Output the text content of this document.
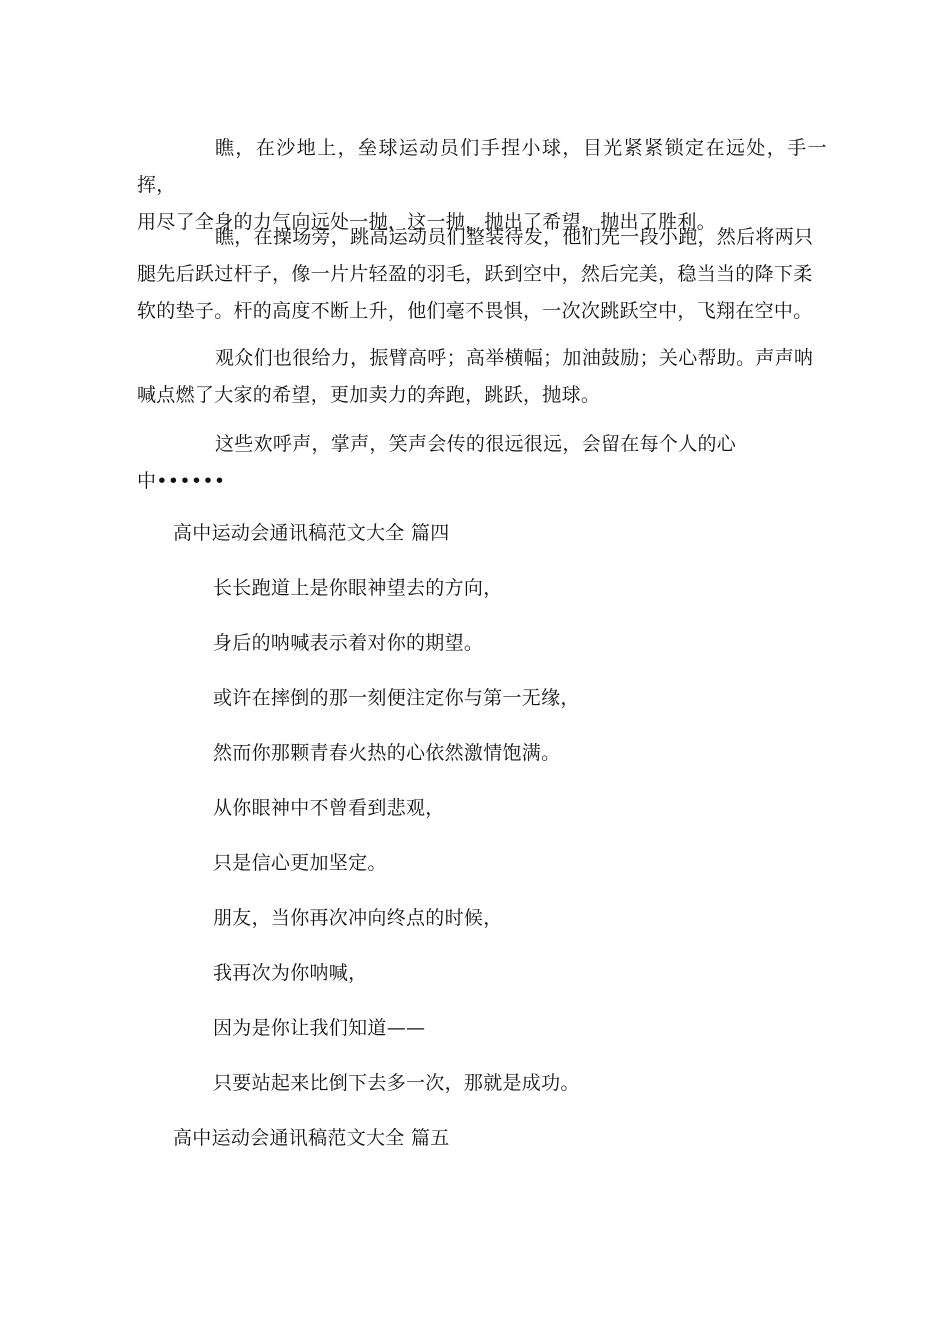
瞧，在沙地上，垒球运动员们手捏小球，目光紧紧锁定在远处，手一挥，
用尽了全身的力气向远处一抛，这一抛，抛出了希望，抛出了胜利。

瞧，在操场旁，跳高运动员们整装待发，他们先一段小跑，然后将两只
腿先后跃过杆子，像一片片轻盈的羽毛，跃到空中，然后完美，稳当当的降下柔
软的垫子。杆的高度不断上升，他们毫不畏惧，一次次跳跃空中，飞翔在空中。

观众们也很给力，振臂高呼；高举横幅；加油鼓励；关心帮助。声声呐
喊点燃了大家的希望，更加卖力的奔跑，跳跃，抛球。

这些欢呼声，掌声，笑声会传的很远很远，会留在每个人的心
中••••••

高中运动会通讯稿范文大全 篇四

长长跑道上是你眼神望去的方向，

身后的呐喊表示着对你的期望。

或许在摔倒的那一刻便注定你与第一无缘，

然而你那颗青春火热的心依然激情饱满。

从你眼神中不曾看到悲观，

只是信心更加坚定。

朋友，当你再次冲向终点的时候，

我再次为你呐喊，

因为是你让我们知道——

只要站起来比倒下去多一次，那就是成功。

高中运动会通讯稿范文大全 篇五
